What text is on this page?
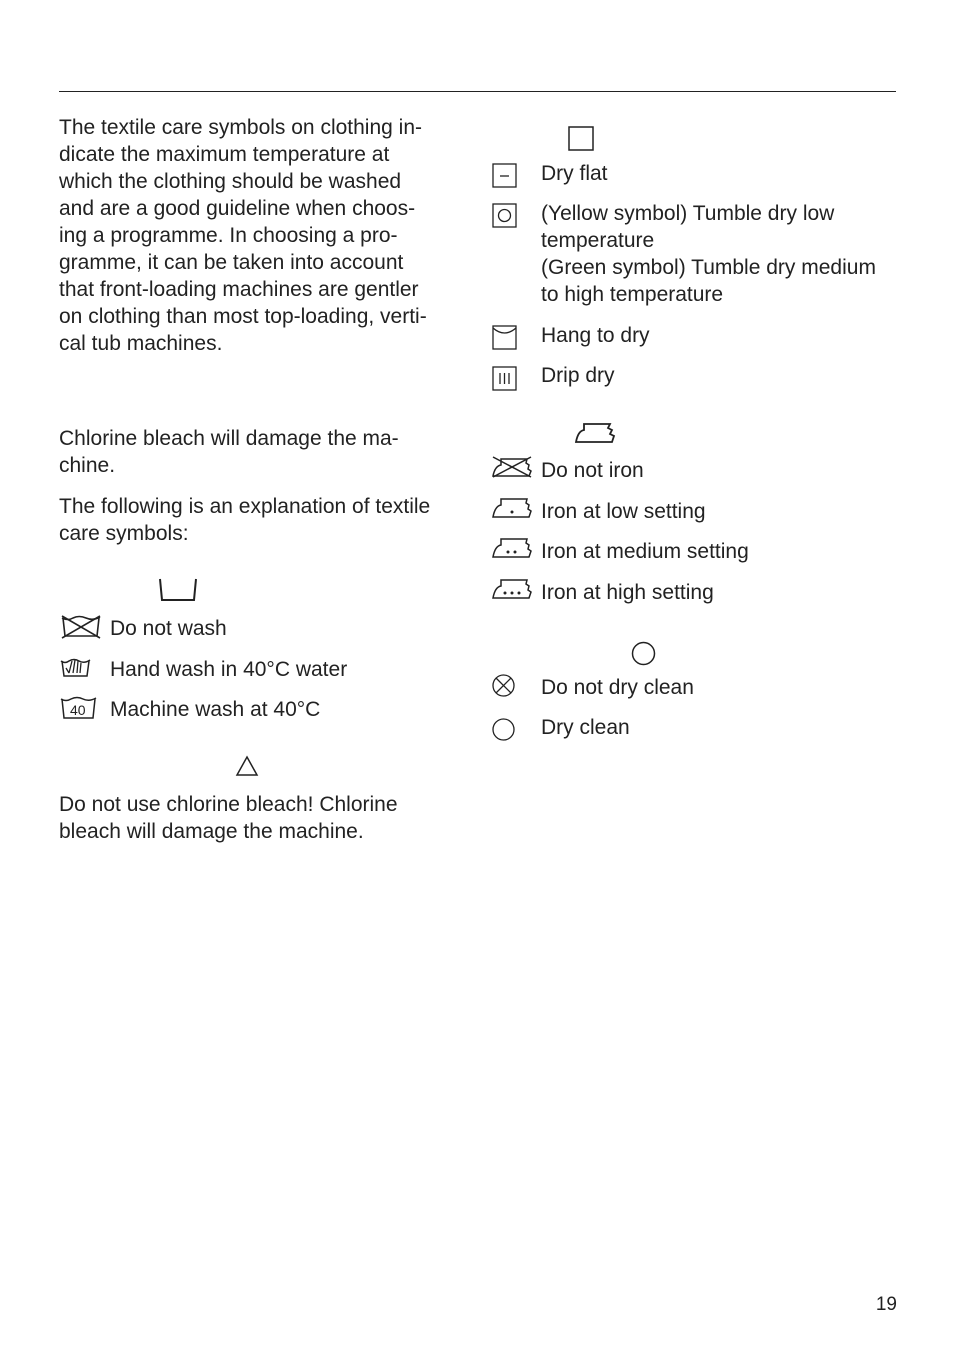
The textile care symbols on clothing in-
dicate the maximum temperature at
which the clothing should be washed
and are a good guideline when choos-
ing a programme. In choosing a pro-
gramme, it can be taken into account
that front-loading machines are gentler
on clothing than most top-loading, verti-
cal tub machines.
Chlorine bleach will damage the ma-
chine.
The following is an explanation of textile
care symbols:
Do not wash
Hand wash in 40°C water
40 Machine wash at 40°C
Do not use chlorine bleach! Chlorine
bleach will damage the machine.
Dry flat
(Yellow symbol) Tumble dry low
temperature
(Green symbol) Tumble dry medium
to high temperature
Hang to dry
Drip dry
Do not iron
Iron at low setting
Iron at medium setting
Iron at high setting
Do not dry clean
Dry clean
19
